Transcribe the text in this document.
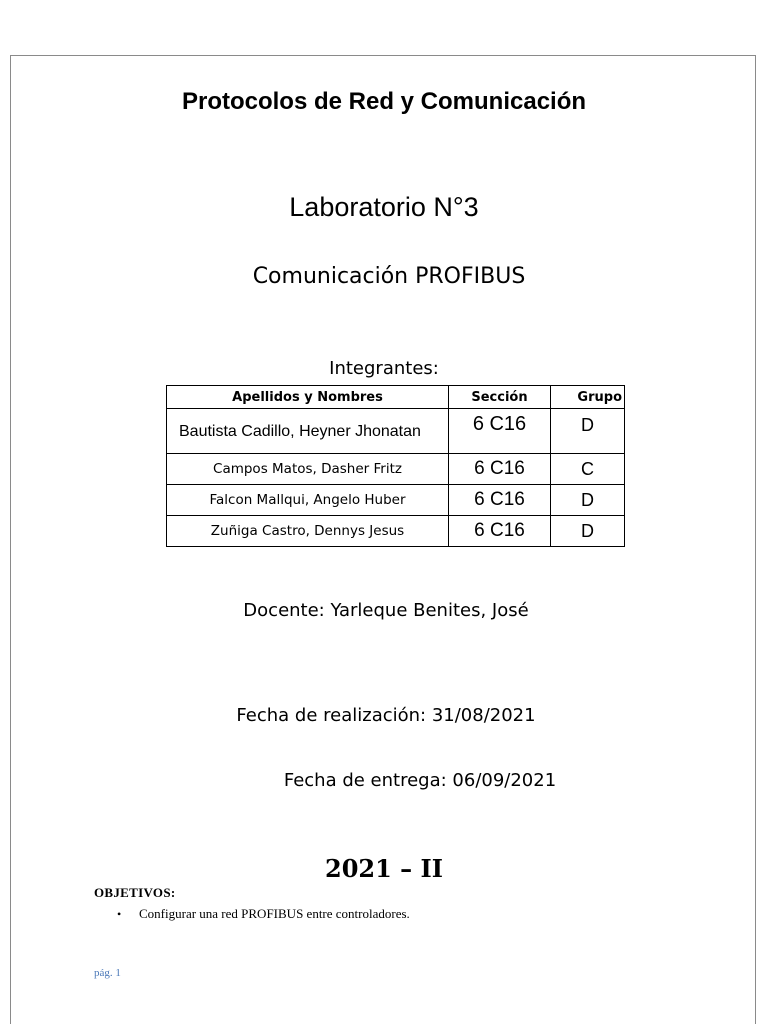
Protocolos de Red y Comunicación
Laboratorio N°3
Comunicación PROFIBUS
Integrantes:
Apellidos y Nombres	Sección	Grupo
Bautista Cadillo, Heyner Jhonatan	6 C16	D
Campos Matos, Dasher Fritz	6 C16	C
Falcon Mallqui, Angelo Huber	6 C16	D
Zuñiga Castro, Dennys Jesus	6 C16	D
Docente: Yarleque Benites, José
Fecha de realización: 31/08/2021
Fecha de entrega: 06/09/2021
2021 – II
OBJETIVOS:
• Configurar una red PROFIBUS entre controladores.
pág. 1
